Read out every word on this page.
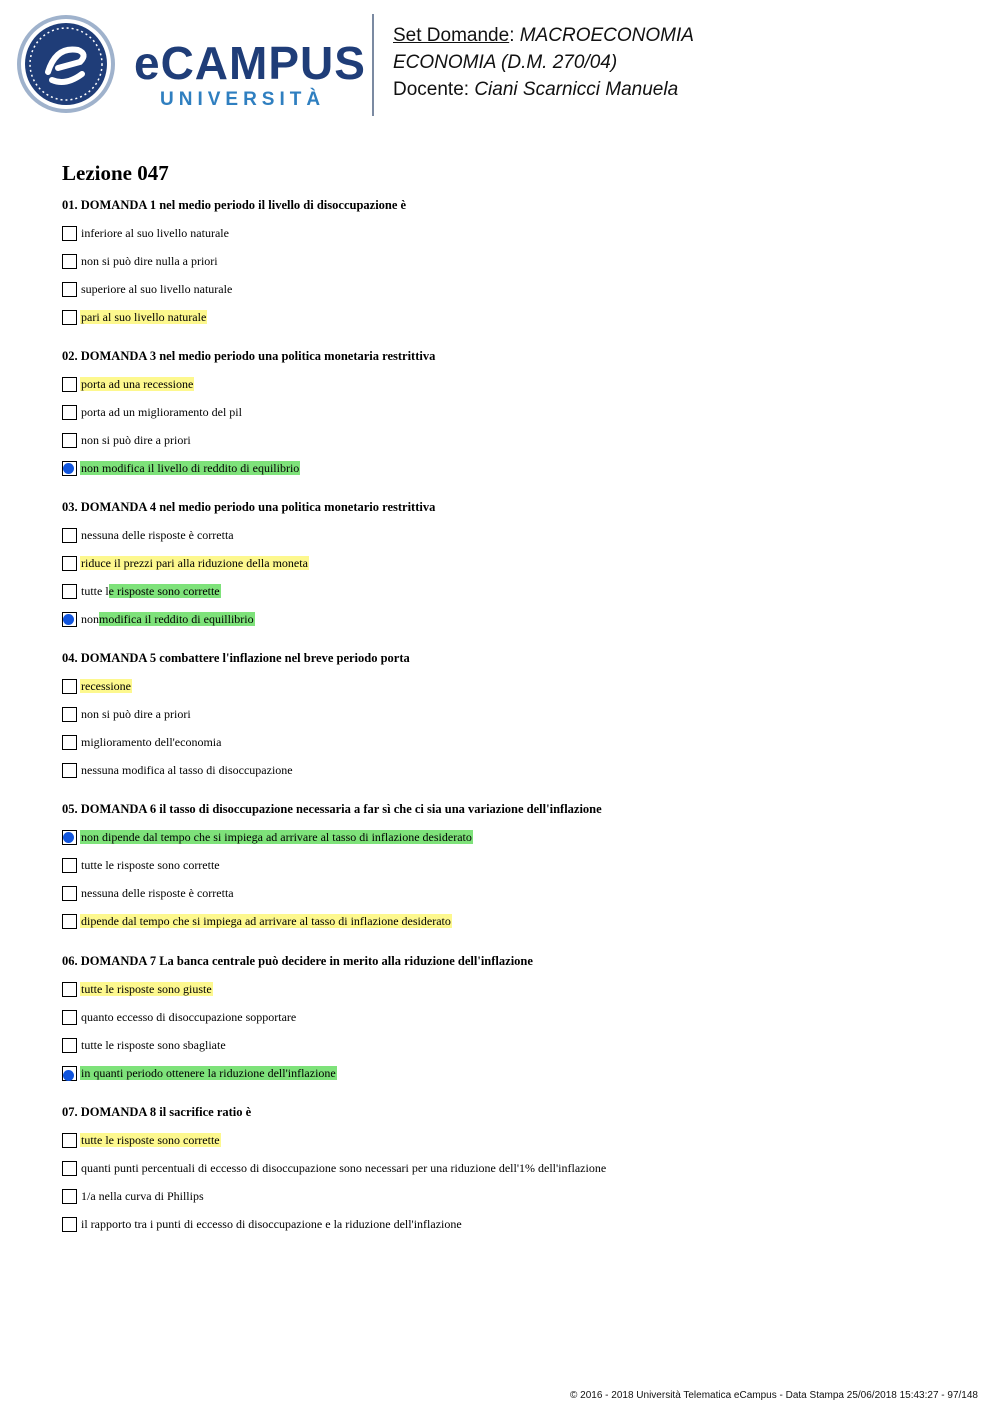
eCAMPUS
UNIVERSITÀ
Set Domande: MACROECONOMIA
ECONOMIA (D.M. 270/04)
Docente: Ciani Scarnicci Manuela
Lezione 047
01. DOMANDA 1 nel medio periodo il livello di disoccupazione è
inferiore al suo livello naturale
non si può dire nulla a priori
superiore al suo livello naturale
pari al suo livello naturale
02. DOMANDA 3 nel medio periodo una politica monetaria restrittiva
porta ad una recessione
porta ad un miglioramento del pil
non si può dire a priori
non modifica il livello di reddito di equilibrio
03. DOMANDA 4 nel medio periodo una politica monetario restrittiva
nessuna delle risposte è corretta
riduce il prezzi pari alla riduzione della moneta
tutte l e risposte sono corrette
non modifica il reddito di equillibrio
04. DOMANDA 5 combattere l'inflazione nel breve periodo porta
recessione
non si può dire a priori
miglioramento dell'economia
nessuna modifica al tasso di disoccupazione
05. DOMANDA 6 il tasso di disoccupazione necessaria a far sì che ci sia una variazione dell'inflazione
non dipende dal tempo che si impiega ad arrivare al tasso di inflazione desiderato
tutte le risposte sono corrette
nessuna delle risposte è corretta
dipende dal tempo che si impiega ad arrivare al tasso di inflazione desiderato
06. DOMANDA 7 La banca centrale può decidere in merito alla riduzione dell'inflazione
tutte le risposte sono giuste
quanto eccesso di disoccupazione sopportare
tutte le risposte sono sbagliate
in quanti periodo ottenere la riduzione dell'inflazione
07. DOMANDA 8 il sacrifice ratio è
tutte le risposte sono corrette
quanti punti percentuali di eccesso di disoccupazione sono necessari per una riduzione dell'1% dell'inflazione
1/a nella curva di Phillips
il rapporto tra i punti di eccesso di disoccupazione e la riduzione dell'inflazione
© 2016 - 2018 Università Telematica eCampus - Data Stampa 25/06/2018 15:43:27 - 97/148
